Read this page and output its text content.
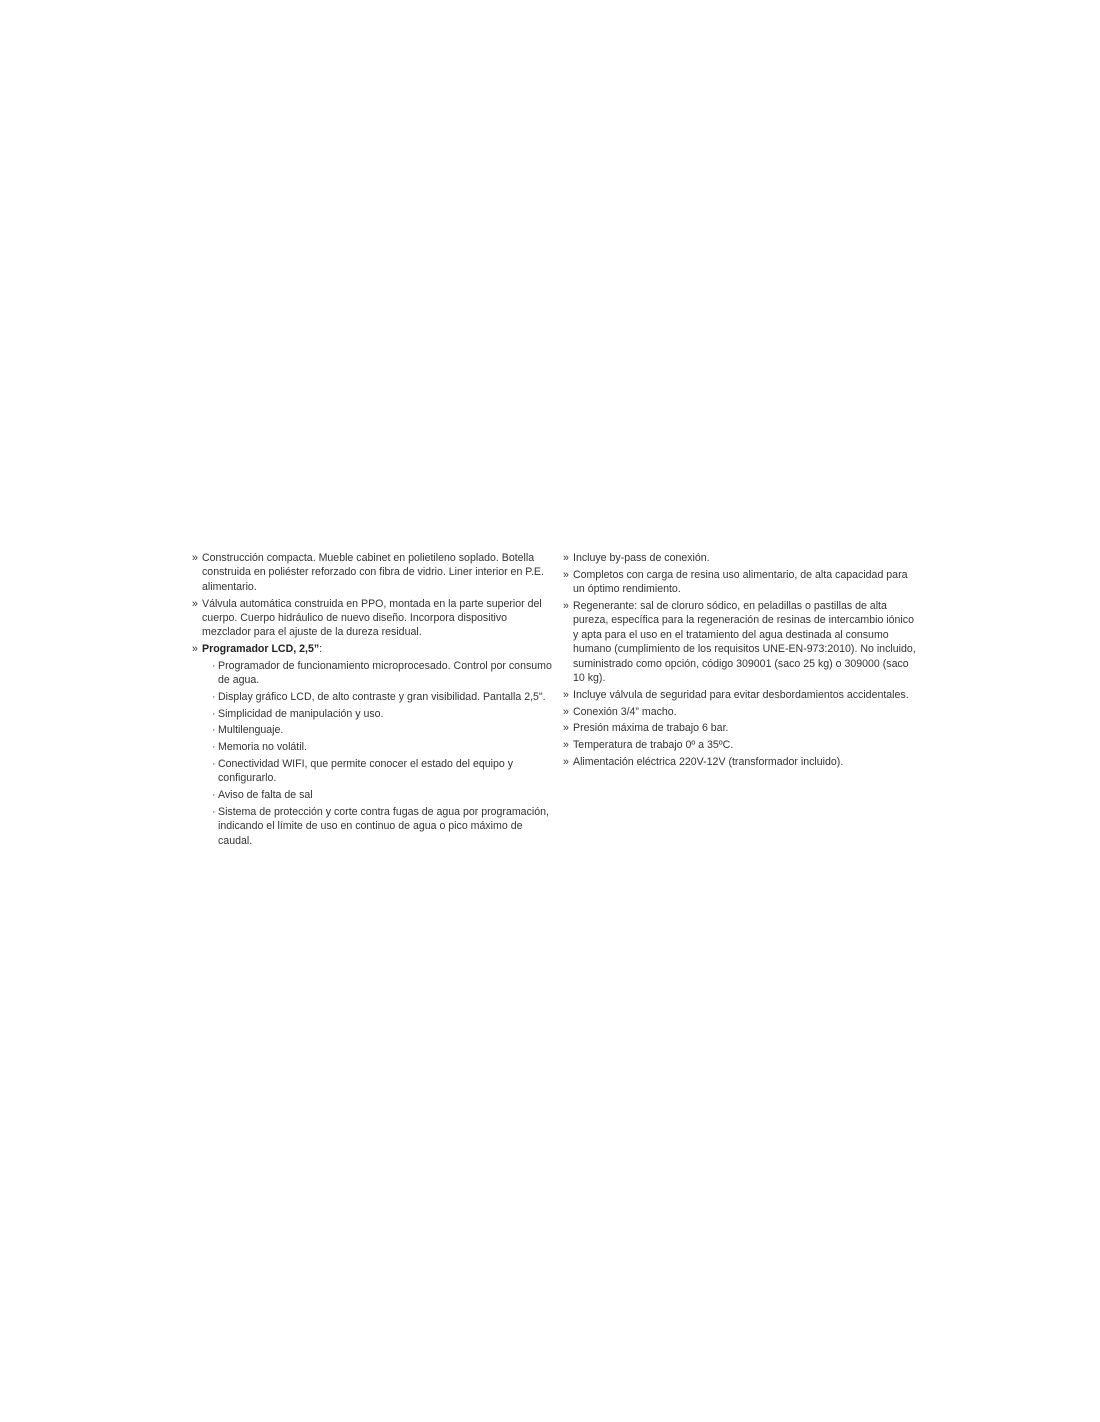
» Construcción compacta. Mueble cabinet en polietileno soplado. Botella construida en poliéster reforzado con fibra de vidrio. Liner interior en P.E. alimentario.
» Válvula automática construida en PPO, montada en la parte superior del cuerpo. Cuerpo hidráulico de nuevo diseño. Incorpora dispositivo mezclador para el ajuste de la dureza residual.
» Programador LCD, 2,5”:
· Programador de funcionamiento microprocesado. Control por consumo de agua.
· Display gráfico LCD, de alto contraste y gran visibilidad. Pantalla 2,5".
· Simplicidad de manipulación y uso.
· Multilenguaje.
· Memoria no volátil.
· Conectividad WIFI, que permite conocer el estado del equipo y configurarlo.
· Aviso de falta de sal
· Sistema de protección y corte contra fugas de agua por programación, indicando el límite de uso en continuo de agua o pico máximo de caudal.
» Incluye by-pass de conexión.
» Completos con carga de resina uso alimentario, de alta capacidad para un óptimo rendimiento.
» Regenerante: sal de cloruro sódico, en peladillas o pastillas de alta pureza, específica para la regeneración de resinas de intercambio iónico y apta para el uso en el tratamiento del agua destinada al consumo humano (cumplimiento de los requisitos UNE-EN-973:2010). No incluido, suministrado como opción, código 309001 (saco 25 kg) o 309000 (saco 10 kg).
» Incluye válvula de seguridad para evitar desbordamientos accidentales.
» Conexión 3/4” macho.
» Presión máxima de trabajo 6 bar.
» Temperatura de trabajo 0º a 35ºC.
» Alimentación eléctrica 220V-12V (transformador incluido).
